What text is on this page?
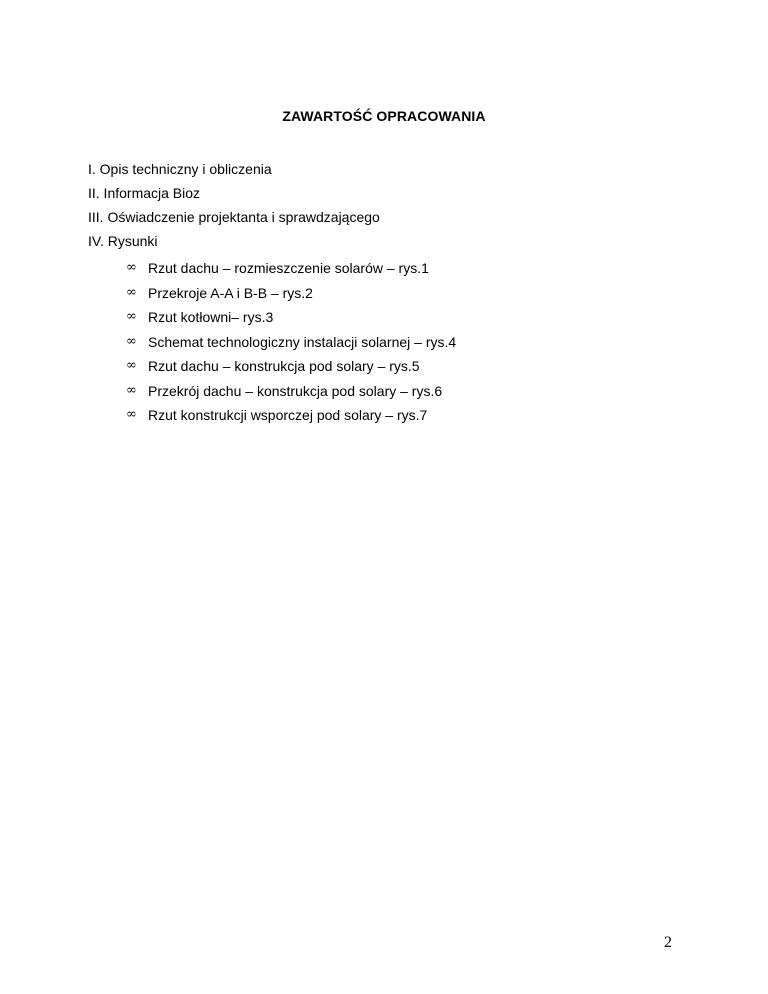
ZAWARTOŚĆ OPRACOWANIA
I. Opis techniczny i obliczenia
II. Informacja Bioz
III. Oświadczenie projektanta i sprawdzającego
IV. Rysunki
∞ Rzut dachu – rozmieszczenie solarów – rys.1
∞ Przekroje A-A i B-B – rys.2
∞ Rzut kotłowni– rys.3
∞ Schemat technologiczny instalacji solarnej – rys.4
∞ Rzut dachu – konstrukcja pod solary – rys.5
∞ Przekrój dachu – konstrukcja pod solary – rys.6
∞ Rzut konstrukcji wsporczej pod solary – rys.7
2
